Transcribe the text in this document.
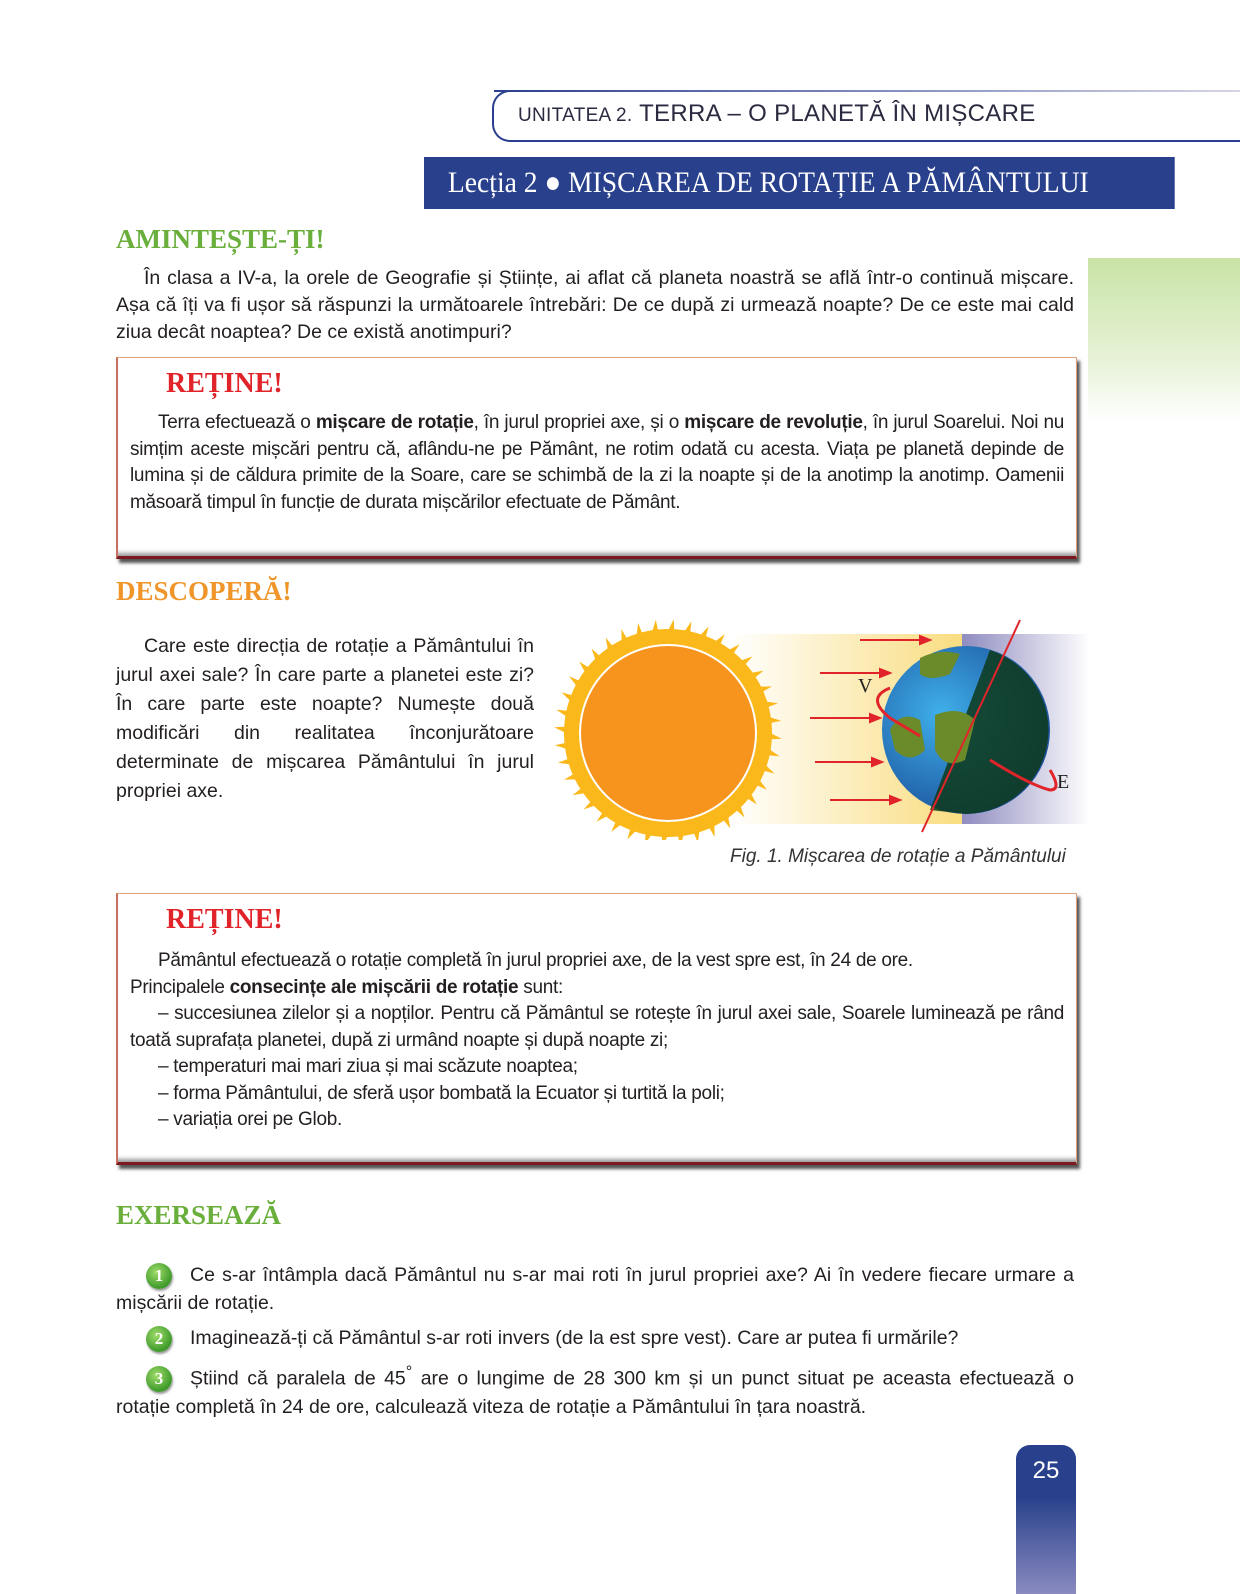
UNITATEA 2. TERRA – O PLANETĂ ÎN MIȘCARE
Lecția 2 ● MIȘCAREA DE ROTAȚIE A PĂMÂNTULUI
AMINTEȘTE-ȚI!
În clasa a IV-a, la orele de Geografie și Științe, ai aflat că planeta noastră se află într-o continuă mișcare. Așa că îți va fi ușor să răspunzi la următoarele întrebări: De ce după zi urmează noapte? De ce este mai cald ziua decât noaptea? De ce există anotimpuri?
REȚINE!
Terra efectuează o mișcare de rotație, în jurul propriei axe, și o mișcare de revoluție, în jurul Soarelui. Noi nu simțim aceste mișcări pentru că, aflându-ne pe Pământ, ne rotim odată cu acesta. Viața pe planetă depinde de lumina și de căldura primite de la Soare, care se schimbă de la zi la noapte și de la anotimp la anotimp. Oamenii măsoară timpul în funcție de durata mișcărilor efectuate de Pământ.
DESCOPERĂ!
Care este direcția de rotație a Pământului în jurul axei sale? În care parte a planetei este zi? În care parte este noapte? Numește două modificări din realitatea înconjurătoare determinate de mișcarea Pământului în jurul propriei axe.
V
E
Fig. 1. Mișcarea de rotație a Pământului
REȚINE!
Pământul efectuează o rotație completă în jurul propriei axe, de la vest spre est, în 24 de ore.
Principalele consecințe ale mișcării de rotație sunt:
– succesiunea zilelor și a nopților. Pentru că Pământul se rotește în jurul axei sale, Soarele luminează pe rând toată suprafața planetei, după zi urmând noapte și după noapte zi;
– temperaturi mai mari ziua și mai scăzute noaptea;
– forma Pământului, de sferă ușor bombată la Ecuator și turtită la poli;
– variația orei pe Glob.
EXERSEAZĂ
1 Ce s-ar întâmpla dacă Pământul nu s-ar mai roti în jurul propriei axe? Ai în vedere fiecare urmare a mișcării de rotație.
2 Imaginează-ți că Pământul s-ar roti invers (de la est spre vest). Care ar putea fi urmările?
3 Știind că paralela de 45° are o lungime de 28 300 km și un punct situat pe aceasta efectuează o rotație completă în 24 de ore, calculează viteza de rotație a Pământului în țara noastră.
25
